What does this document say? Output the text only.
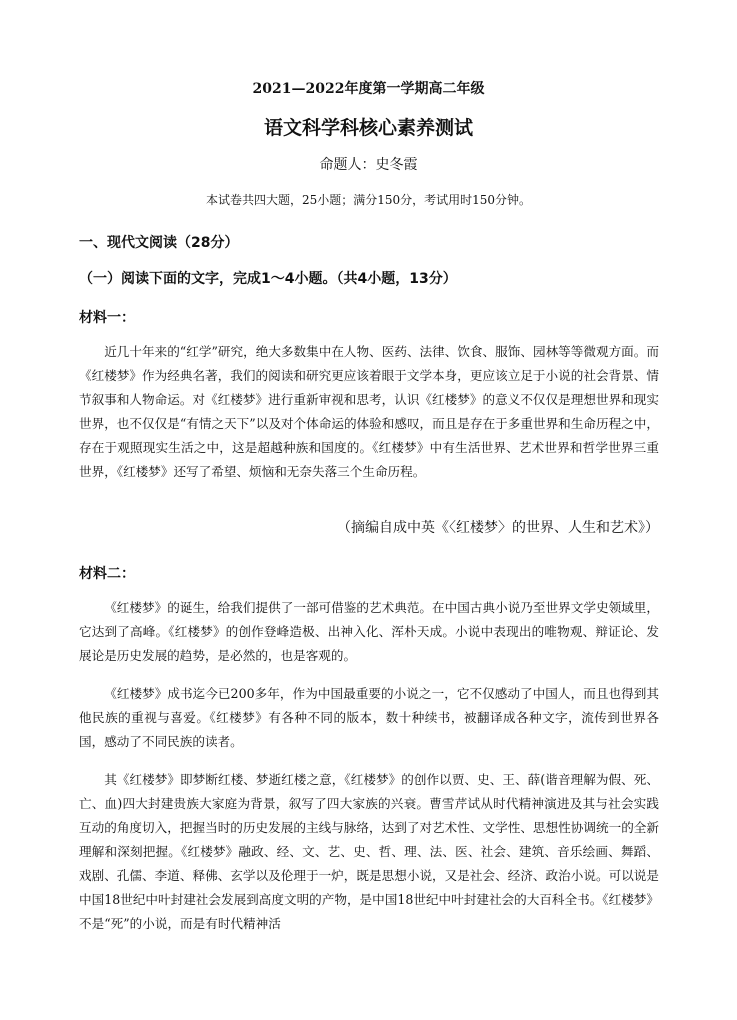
2021—2022年度第一学期高二年级
语文科学科核心素养测试
命题人：史冬霞
本试卷共四大题，25小题；满分150分，考试用时150分钟。
一、现代文阅读（28分）
（一）阅读下面的文字，完成1～4小题。（共4小题，13分）
材料一：

近几十年来的“红学”研究，绝大多数集中在人物、医药、法律、饮食、服饰、园林等等微观方面。而《红楼梦》作为经典名著，我们的阅读和研究更应该着眼于文学本身，更应该立足于小说的社会背景、情节叙事和人物命运。对《红楼梦》进行重新审视和思考，认识《红楼梦》的意义不仅仅是理想世界和现实世界，也不仅仅是“有情之天下”以及对个体命运的体验和感叹，而且是存在于多重世界和生命历程之中，存在于观照现实生活之中，这是超越种族和国度的。《红楼梦》中有生活世界、艺术世界和哲学世界三重世界，《红楼梦》还写了希望、烦恼和无奈失落三个生命历程。

（摘编自成中英《〈红楼梦〉的世界、人生和艺术》）
材料二：

《红楼梦》的诞生，给我们提供了一部可借鉴的艺术典范。在中国古典小说乃至世界文学史领域里，它达到了高峰。《红楼梦》的创作登峰造极、出神入化、浑朴天成。小说中表现出的唯物观、辩证论、发展论是历史发展的趋势，是必然的，也是客观的。

《红楼梦》成书迄今已200多年，作为中国最重要的小说之一，它不仅感动了中国人，而且也得到其他民族的重视与喜爱。《红楼梦》有各种不同的版本，数十种续书，被翻译成各种文字，流传到世界各国，感动了不同民族的读者。

其《红楼梦》即梦断红楼、梦逝红楼之意，《红楼梦》的创作以贾、史、王、薛(谐音理解为假、死、亡、血)四大封建贵族大家庭为背景，叙写了四大家族的兴衰。曹雪芹试从时代精神演进及其与社会实践互动的角度切入，把握当时的历史发展的主线与脉络，达到了对艺术性、文学性、思想性协调统一的全新理解和深刻把握。《红楼梦》融政、经、文、艺、史、哲、理、法、医、社会、建筑、音乐绘画、舞蹈、戏剧、孔儒、李道、释佛、玄学以及伦理于一炉，既是思想小说，又是社会、经济、政治小说。可以说是中国18世纪中叶封建社会发展到高度文明的产物，是中国18世纪中叶封建社会的大百科全书。《红楼梦》不是“死”的小说，而是有时代精神活
